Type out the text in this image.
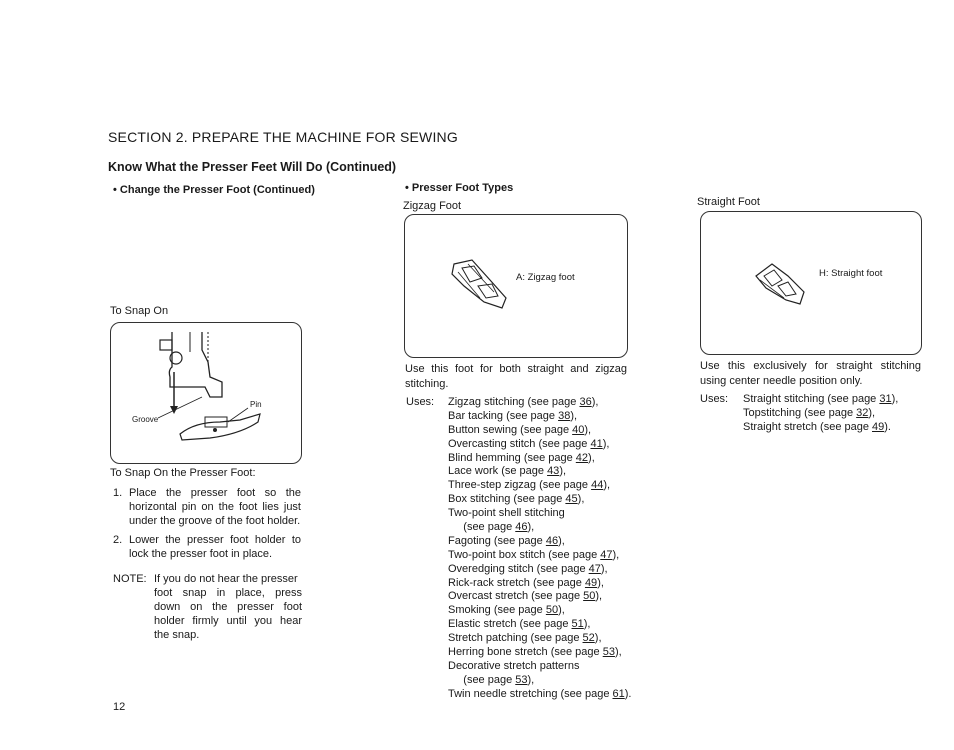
SECTION 2. PREPARE THE MACHINE FOR SEWING
Know What the Presser Feet Will Do (Continued)
• Change the Presser Foot (Continued)
To Snap On
Pin
Groove
To Snap On the Presser Foot:
1. Place the presser foot so the
horizontal pin on the foot lies just
under the groove of the foot holder.
2. Lower the presser foot holder to
lock the presser foot in place.
NOTE: If you do not hear the presser
foot snap in place, press
down on the presser foot
holder firmly until you hear
the snap.
12
• Presser Foot Types
Zigzag Foot
A: Zigzag foot
Use this foot for both straight and zigzag
stitching.
Uses: Zigzag stitching (see page 36),
Bar tacking (see page 38),
Button sewing (see page 40),
Overcasting stitch (see page 41),
Blind hemming (see page 42),
Lace work (se page 43),
Three-step zigzag (see page 44),
Box stitching (see page 45),
Two-point shell stitching
(see page 46),
Fagoting (see page 46),
Two-point box stitch (see page 47),
Overedging stitch (see page 47),
Rick-rack stretch (see page 49),
Overcast stretch (see page 50),
Smoking (see page 50),
Elastic stretch (see page 51),
Stretch patching (see page 52),
Herring bone stretch (see page 53),
Decorative stretch patterns
(see page 53),
Twin needle stretching (see page 61).
Straight Foot
H: Straight foot
Use this exclusively for straight stitching
using center needle position only.
Uses: Straight stitching (see page 31),
Topstitching (see page 32),
Straight stretch (see page 49).
